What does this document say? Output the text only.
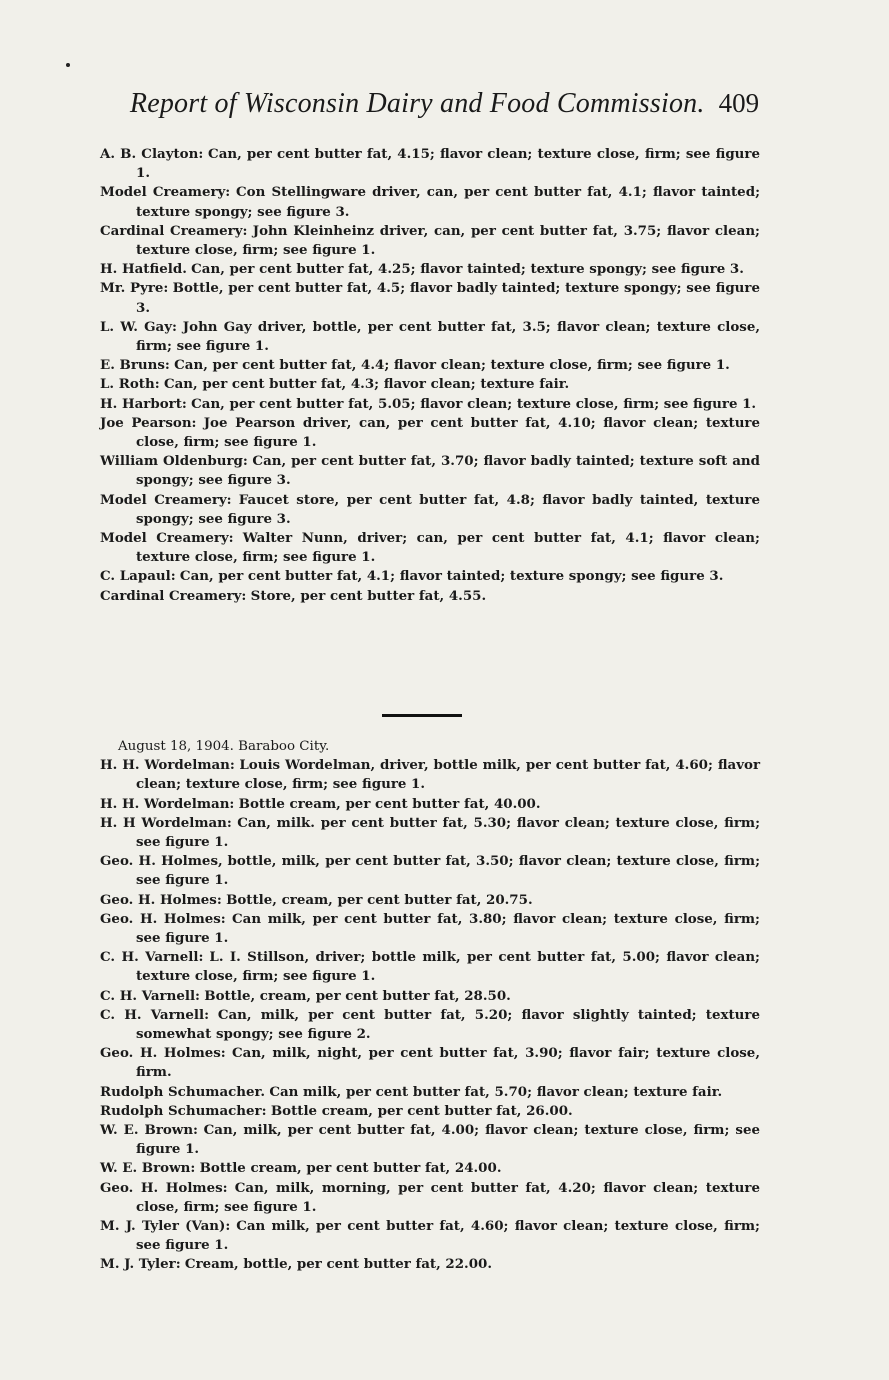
Report of Wisconsin Dairy and Food Commission. 409

A. B. Clayton: Can, per cent butter fat, 4.15; flavor clean; texture close, firm; see figure 1.

Model Creamery: Con Stellingware driver, can, per cent butter fat, 4.1; flavor tainted; texture spongy; see figure 3.

Cardinal Creamery: John Kleinheinz driver, can, per cent butter fat, 3.75; flavor clean; texture close, firm; see figure 1.

H. Hatfield. Can, per cent butter fat, 4.25; flavor tainted; texture spongy; see figure 3.

Mr. Pyre: Bottle, per cent butter fat, 4.5; flavor badly tainted; texture spongy; see figure 3.

L. W. Gay: John Gay driver, bottle, per cent butter fat, 3.5; flavor clean; texture close, firm; see figure 1.

E. Bruns: Can, per cent butter fat, 4.4; flavor clean; texture close, firm; see figure 1.

L. Roth: Can, per cent butter fat, 4.3; flavor clean; texture fair.

H. Harbort: Can, per cent butter fat, 5.05; flavor clean; texture close, firm; see figure 1.

Joe Pearson: Joe Pearson driver, can, per cent butter fat, 4.10; flavor clean; texture close, firm; see figure 1.

William Oldenburg: Can, per cent butter fat, 3.70; flavor badly tainted; texture soft and spongy; see figure 3.

Model Creamery: Faucet store, per cent butter fat, 4.8; flavor badly tainted, texture spongy; see figure 3.

Model Creamery: Walter Nunn, driver; can, per cent butter fat, 4.1; flavor clean; texture close, firm; see figure 1.

C. Lapaul: Can, per cent butter fat, 4.1; flavor tainted; texture spongy; see figure 3.

Cardinal Creamery: Store, per cent butter fat, 4.55.

August 18, 1904. Baraboo City.

H. H. Wordelman: Louis Wordelman, driver, bottle milk, per cent butter fat, 4.60; flavor clean; texture close, firm; see figure 1.

H. H. Wordelman: Bottle cream, per cent butter fat, 40.00.

H. H Wordelman: Can, milk. per cent butter fat, 5.30; flavor clean; texture close, firm; see figure 1.

Geo. H. Holmes, bottle, milk, per cent butter fat, 3.50; flavor clean; texture close, firm; see figure 1.

Geo. H. Holmes: Bottle, cream, per cent butter fat, 20.75.

Geo. H. Holmes: Can milk, per cent butter fat, 3.80; flavor clean; texture close, firm; see figure 1.

C. H. Varnell: L. I. Stillson, driver; bottle milk, per cent butter fat, 5.00; flavor clean; texture close, firm; see figure 1.

C. H. Varnell: Bottle, cream, per cent butter fat, 28.50.

C. H. Varnell: Can, milk, per cent butter fat, 5.20; flavor slightly tainted; texture somewhat spongy; see figure 2.

Geo. H. Holmes: Can, milk, night, per cent butter fat, 3.90; flavor fair; texture close, firm.

Rudolph Schumacher. Can milk, per cent butter fat, 5.70; flavor clean; texture fair.

Rudolph Schumacher: Bottle cream, per cent butter fat, 26.00.

W. E. Brown: Can, milk, per cent butter fat, 4.00; flavor clean; texture close, firm; see figure 1.

W. E. Brown: Bottle cream, per cent butter fat, 24.00.

Geo. H. Holmes: Can, milk, morning, per cent butter fat, 4.20; flavor clean; texture close, firm; see figure 1.

M. J. Tyler (Van): Can milk, per cent butter fat, 4.60; flavor clean; texture close, firm; see figure 1.

M. J. Tyler: Cream, bottle, per cent butter fat, 22.00.
